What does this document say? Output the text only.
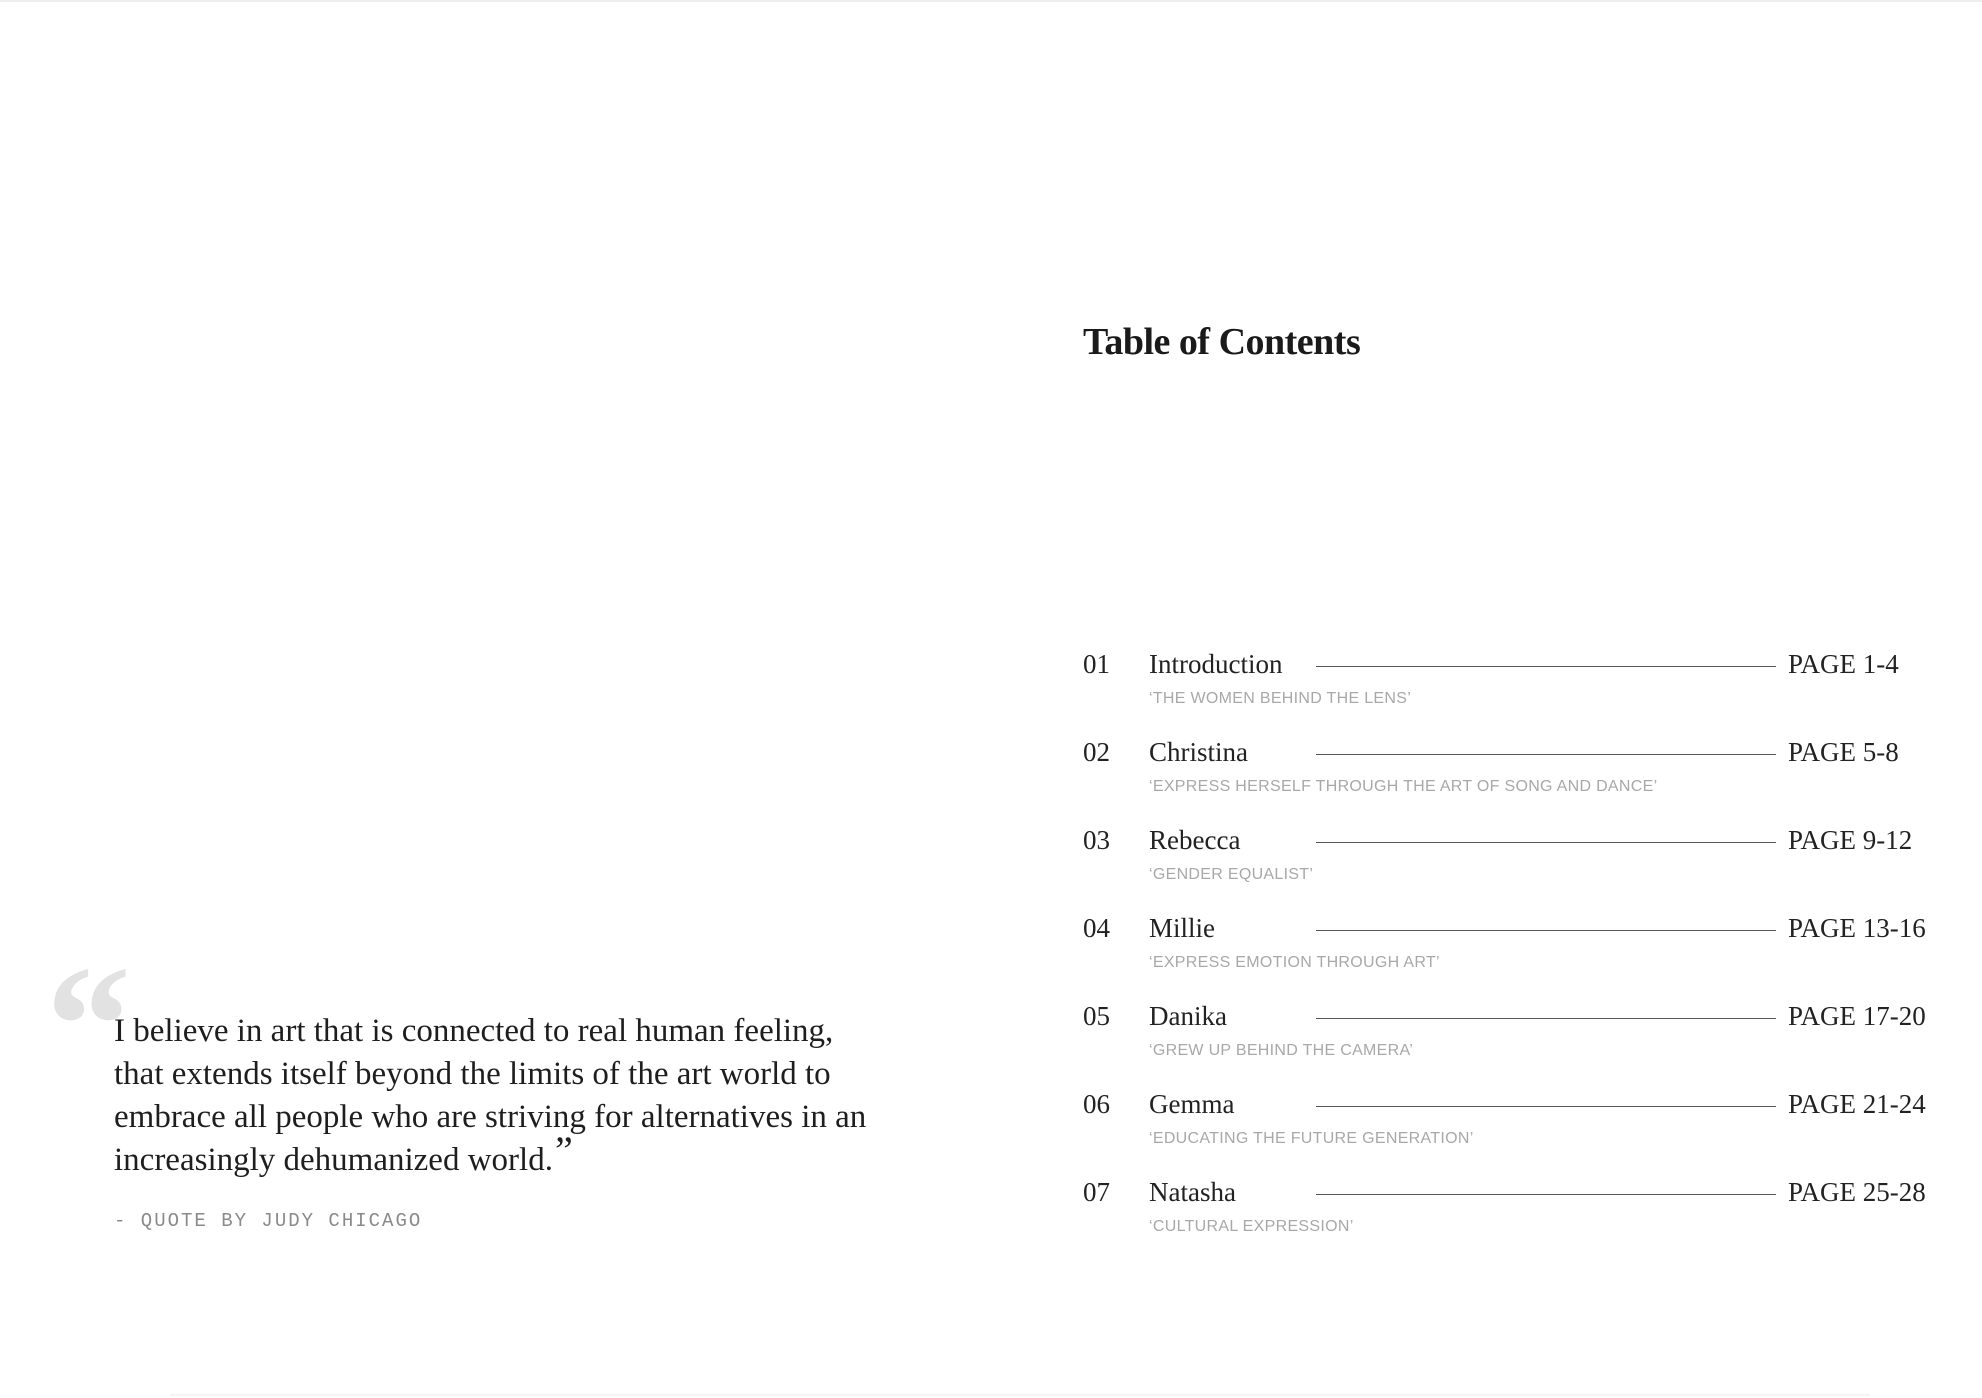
“

I believe in art that is connected to real human feeling, that extends itself beyond the limits of the art world to embrace all people who are striving for alternatives in an increasingly dehumanized world.”

- QUOTE BY JUDY CHICAGO
Table of Contents
01 Introduction	PAGE 1-4
‘THE WOMEN BEHIND THE LENS’
02 Christina	PAGE 5-8
‘EXPRESS HERSELF THROUGH THE ART OF SONG AND DANCE’
03 Rebecca	PAGE 9-12
‘GENDER EQUALIST’
04 Millie	PAGE 13-16
‘EXPRESS EMOTION THROUGH ART’
05 Danika	PAGE 17-20
‘GREW UP BEHIND THE CAMERA’
06 Gemma	PAGE 21-24
‘EDUCATING THE FUTURE GENERATION’
07 Natasha	PAGE 25-28
‘CULTURAL EXPRESSION’
